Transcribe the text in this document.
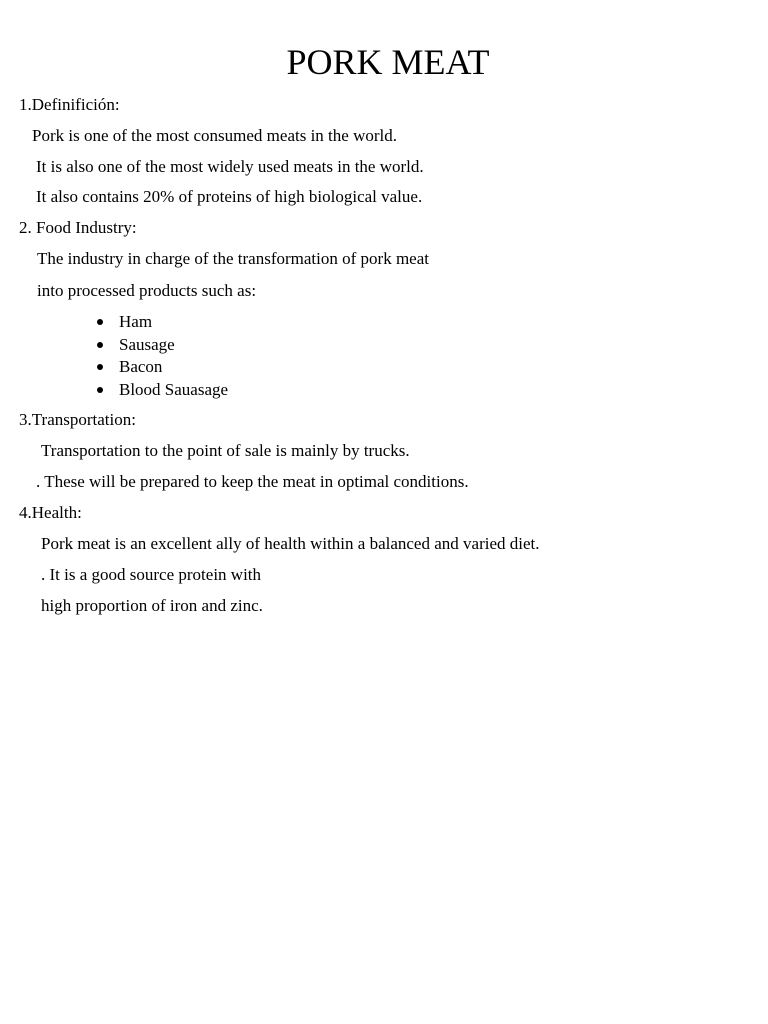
PORK MEAT
1.Definifición:
Pork is one of the most consumed meats in the world.
It is also one of the most widely used meats in the world.
It also contains 20% of proteins of high biological value.
2. Food Industry:
The industry in charge of the transformation of pork meat
into processed products such as:
Ham
Sausage
Bacon
Blood Sauasage
3.Transportation:
Transportation to the point of sale is mainly by trucks.
. These will be prepared to keep the meat in optimal conditions.
4.Health:
Pork meat is an excellent ally of health within a balanced and varied diet.
. It is a good source protein with
high proportion of iron and zinc.
